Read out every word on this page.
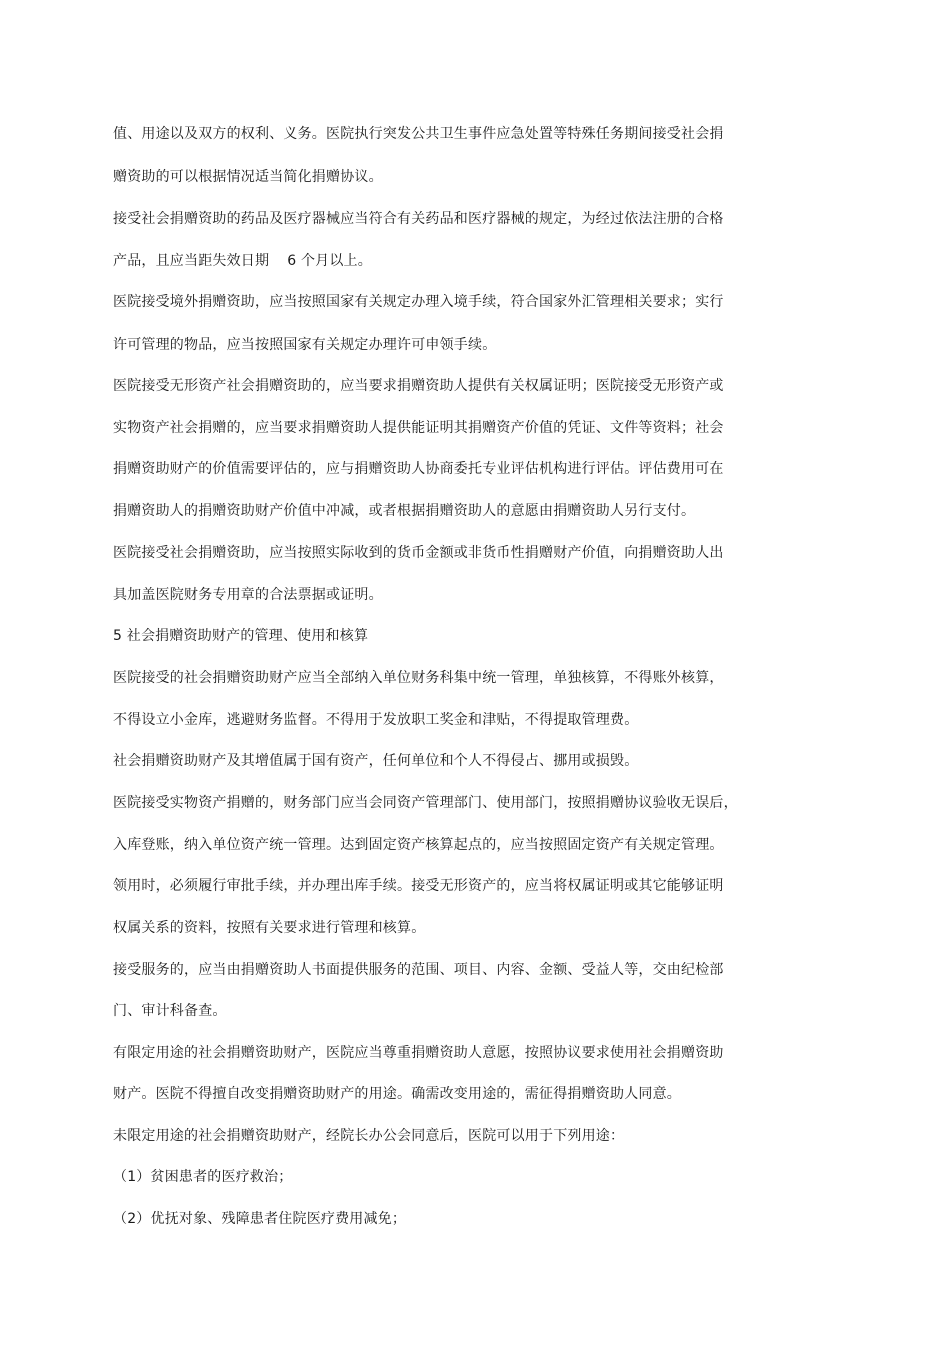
值、用途以及双方的权利、义务。医院执行突发公共卫生事件应急处置等特殊任务期间接受社会捐
赠资助的可以根据情况适当简化捐赠协议。
接受社会捐赠资助的药品及医疗器械应当符合有关药品和医疗器械的规定，为经过依法注册的合格
产品，且应当距失效日期 6 个月以上。
医院接受境外捐赠资助，应当按照国家有关规定办理入境手续，符合国家外汇管理相关要求；实行
许可管理的物品，应当按照国家有关规定办理许可申领手续。
医院接受无形资产社会捐赠资助的，应当要求捐赠资助人提供有关权属证明；医院接受无形资产或
实物资产社会捐赠的，应当要求捐赠资助人提供能证明其捐赠资产价值的凭证、文件等资料；社会
捐赠资助财产的价值需要评估的，应与捐赠资助人协商委托专业评估机构进行评估。评估费用可在
捐赠资助人的捐赠资助财产价值中冲减，或者根据捐赠资助人的意愿由捐赠资助人另行支付。
医院接受社会捐赠资助，应当按照实际收到的货币金额或非货币性捐赠财产价值，向捐赠资助人出
具加盖医院财务专用章的合法票据或证明。
5 社会捐赠资助财产的管理、使用和核算
医院接受的社会捐赠资助财产应当全部纳入单位财务科集中统一管理，单独核算，不得账外核算，
不得设立小金库，逃避财务监督。不得用于发放职工奖金和津贴，不得提取管理费。
社会捐赠资助财产及其增值属于国有资产，任何单位和个人不得侵占、挪用或损毁。
医院接受实物资产捐赠的，财务部门应当会同资产管理部门、使用部门，按照捐赠协议验收无误后，
入库登账，纳入单位资产统一管理。达到固定资产核算起点的，应当按照固定资产有关规定管理。
领用时，必须履行审批手续，并办理出库手续。接受无形资产的，应当将权属证明或其它能够证明
权属关系的资料，按照有关要求进行管理和核算。
接受服务的，应当由捐赠资助人书面提供服务的范围、项目、内容、金额、受益人等，交由纪检部
门、审计科备查。
有限定用途的社会捐赠资助财产，医院应当尊重捐赠资助人意愿，按照协议要求使用社会捐赠资助
财产。医院不得擅自改变捐赠资助财产的用途。确需改变用途的，需征得捐赠资助人同意。
未限定用途的社会捐赠资助财产，经院长办公会同意后，医院可以用于下列用途：
（1）贫困患者的医疗救治；
（2）优抚对象、残障患者住院医疗费用减免；
